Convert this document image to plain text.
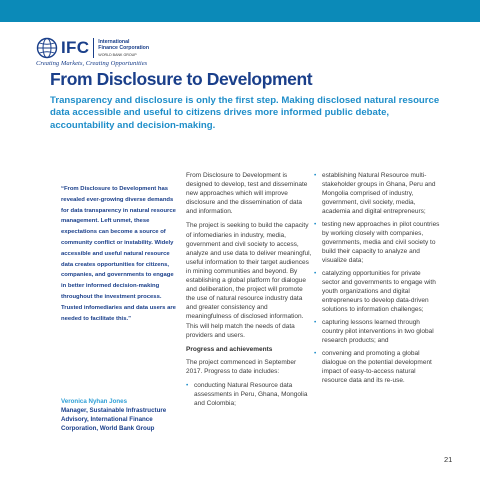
IFC International
Finance Corporation
WORLD BANK GROUP
Creating Markets, Creating Opportunities
From Disclosure to Development

Transparency and disclosure is only the first step. Making disclosed natural resource data accessible and useful to citizens drives more informed public debate, accountability and decision-making.

“From Disclosure to Development has revealed ever-growing diverse demands for data transparency in natural resource management. Left unmet, these expectations can become a source of community conflict or instability. Widely accessible and useful natural resource data creates opportunities for citizens, companies, and governments to engage in better informed decision-making throughout the investment process. Trusted infomediaries and data users are needed to facilitate this.”

Veronica Nyhan Jones
Manager, Sustainable Infrastructure Advisory, International Finance Corporation, World Bank Group

From Disclosure to Development is designed to develop, test and disseminate new approaches which will improve disclosure and the dissemination of data and information.

The project is seeking to build the capacity of infomediaries in industry, media, government and civil society to access, analyze and use data to deliver meaningful, useful information to their target audiences in mining communities and beyond. By establishing a global platform for dialogue and deliberation, the project will promote the use of natural resource industry data and greater consistency and meaningfulness of disclosed information. This will help match the needs of data providers and users.

Progress and achievements

The project commenced in September 2017. Progress to date includes:

• conducting Natural Resource data assessments in Peru, Ghana, Mongolia and Colombia;
• establishing Natural Resource multi-stakeholder groups in Ghana, Peru and Mongolia comprised of industry, government, civil society, media, academia and digital entrepreneurs;
• testing new approaches in pilot countries by working closely with companies, governments, media and civil society to build their capacity to analyze and visualize data;
• catalyzing opportunities for private sector and governments to engage with youth organizations and digital entrepreneurs to develop data-driven solutions to information challenges;
• capturing lessons learned through country pilot interventions in two global research products; and
• convening and promoting a global dialogue on the potential development impact of easy-to-access natural resource data and its re-use.
21
